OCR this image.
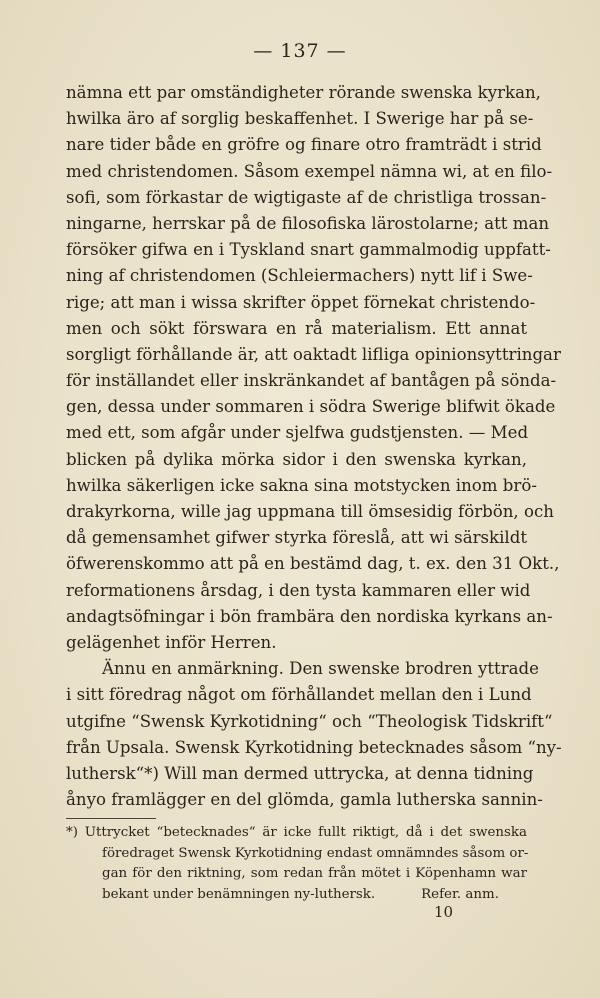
— 137 —
nämna ett par omständigheter rörande swenska kyrkan,
hwilka äro af sorglig beskaffenhet. I Swerige har på se-
nare tider både en gröfre og finare otro framträdt i strid
med christendomen. Såsom exempel nämna wi, at en filo-
sofi, som förkastar de wigtigaste af de christliga trossan-
ningarne, herrskar på de filosofiska lärostolarne; att man
försöker gifwa en i Tyskland snart gammalmodig uppfatt-
ning af christendomen (Schleiermachers) nytt lif i Swe-
rige; att man i wissa skrifter öppet förnekat christendo-
men och sökt förswara en rå materialism. Ett annat
sorgligt förhållande är, att oaktadt lifliga opinionsyttringar
för inställandet eller inskränkandet af bantågen på sönda-
gen, dessa under sommaren i södra Swerige blifwit ökade
med ett, som afgår under sjelfwa gudstjensten. — Med
blicken på dylika mörka sidor i den swenska kyrkan,
hwilka säkerligen icke sakna sina motstycken inom brö-
drakyrkorna, wille jag uppmana till ömsesidig förbön, och
då gemensamhet gifwer styrka föreslå, att wi särskildt
öfwerenskommo att på en bestämd dag, t. ex. den 31 Okt.,
reformationens årsdag, i den tysta kammaren eller wid
andagtsöfningar i bön frambära den nordiska kyrkans an-
gelägenhet inför Herren.
Ännu en anmärkning. Den swenske brodren yttrade
i sitt föredrag något om förhållandet mellan den i Lund
utgifne “Swensk Kyrkotidning“ och “Theologisk Tidskrift“
från Upsala. Swensk Kyrkotidning betecknades såsom “ny-
luthersk“*) Will man dermed uttrycka, at denna tidning
ånyo framlägger en del glömda, gamla lutherska sannin-
*) Uttrycket “betecknades“ är icke fullt riktigt, då i det swenska
föredraget Swensk Kyrkotidning endast omnämndes såsom or-
gan för den riktning, som redan från mötet i Köpenhamn war
bekant under benämningen ny-luthersk.	Refer. anm.
10
